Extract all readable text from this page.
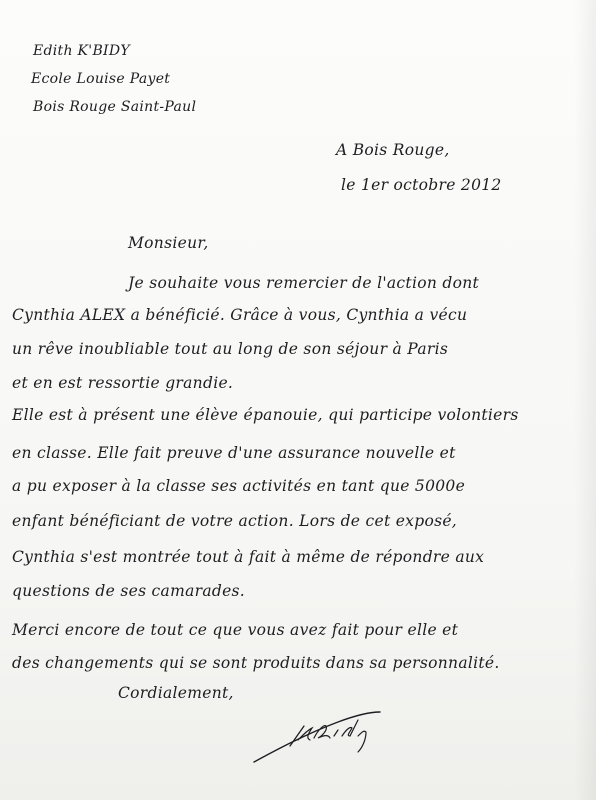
Edith K'BIDY
Ecole Louise Payet
Bois Rouge Saint-Paul
A Bois Rouge,
le 1er octobre 2012
Monsieur,
Je souhaite vous remercier de l'action dont
Cynthia ALEX a bénéficié. Grâce à vous, Cynthia a vécu
un rêve inoubliable tout au long de son séjour à Paris
et en est ressortie grandie.
Elle est à présent une élève épanouie, qui participe volontiers
en classe. Elle fait preuve d'une assurance nouvelle et
a pu exposer à la classe ses activités en tant que 5000e
enfant bénéficiant de votre action. Lors de cet exposé,
Cynthia s'est montrée tout à fait à même de répondre aux
questions de ses camarades.
Merci encore de tout ce que vous avez fait pour elle et
des changements qui se sont produits dans sa personnalité.
Cordialement,
